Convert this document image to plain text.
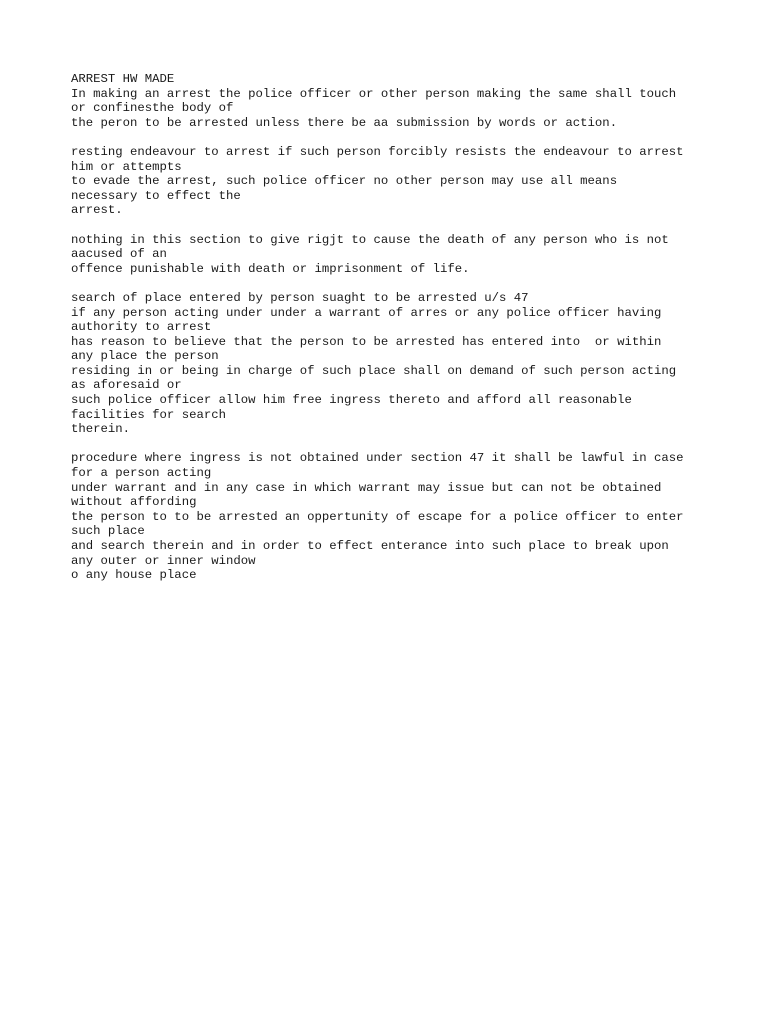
ARREST HW MADE
In making an arrest the police officer or other person making the same shall touch
or confinesthe body of
the peron to be arrested unless there be aa submission by words or action.
resting endeavour to arrest if such person forcibly resists the endeavour to arrest
him or attempts
to evade the arrest, such police officer no other person may use all means
necessary to effect the
arrest.
nothing in this section to give rigjt to cause the death of any person who is not
aacused of an
offence punishable with death or imprisonment of life.
search of place entered by person suaght to be arrested u/s 47
if any person acting under under a warrant of arres or any police officer having
authority to arrest
has reason to believe that the person to be arrested has entered into  or within
any place the person
residing in or being in charge of such place shall on demand of such person acting
as aforesaid or
such police officer allow him free ingress thereto and afford all reasonable
facilities for search
therein.
procedure where ingress is not obtained under section 47 it shall be lawful in case
for a person acting
under warrant and in any case in which warrant may issue but can not be obtained
without affording
the person to to be arrested an oppertunity of escape for a police officer to enter
such place
and search therein and in order to effect enterance into such place to break upon
any outer or inner window
o any house place
